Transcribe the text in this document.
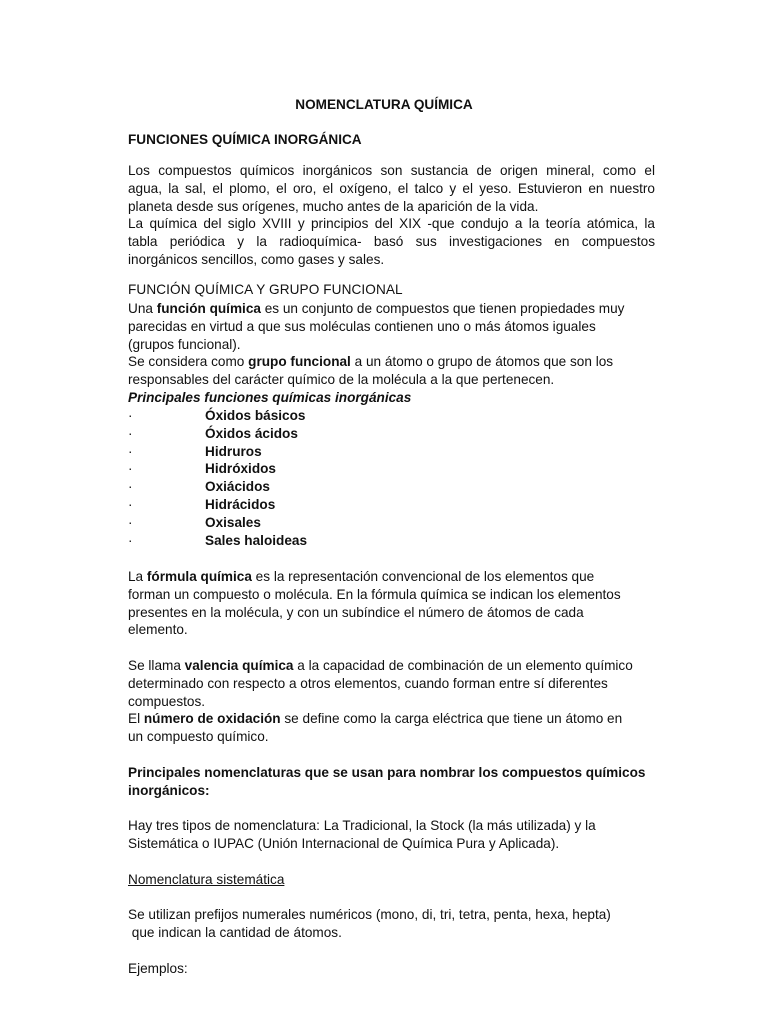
NOMENCLATURA QUÍMICA

FUNCIONES QUÍMICA INORGÁNICA

Los compuestos químicos inorgánicos son sustancia de origen mineral, como el

agua, la sal, el plomo, el oro, el oxígeno, el talco y el yeso. Estuvieron en nuestro

planeta desde sus orígenes, mucho antes de la aparición de la vida.

La química del siglo XVIII y principios del XIX -que condujo a la teoría atómica, la

tabla periódica y la radioquímica- basó sus investigaciones en compuestos

inorgánicos sencillos, como gases y sales.

FUNCIÓN QUÍMICA Y GRUPO FUNCIONAL

Una función química es un conjunto de compuestos que tienen propiedades muy

parecidas en virtud a que sus moléculas contienen uno o más átomos iguales

(grupos funcional).

Se considera como grupo funcional a un átomo o grupo de átomos que son los

responsables del carácter químico de la molécula a la que pertenecen.

Principales funciones químicas inorgánicas

·	Óxidos básicos
·	Óxidos ácidos
·	Hidruros
·	Hidróxidos
·	Oxiácidos
·	Hidrácidos
·	Oxisales
·	Sales haloideas

La fórmula química es la representación convencional de los elementos que

forman un compuesto o molécula. En la fórmula química se indican los elementos

presentes en la molécula, y con un subíndice el número de átomos de cada

elemento.

Se llama valencia química a la capacidad de combinación de un elemento químico

determinado con respecto a otros elementos, cuando forman entre sí diferentes

compuestos.

El número de oxidación se define como la carga eléctrica que tiene un átomo en

un compuesto químico.

Principales nomenclaturas que se usan para nombrar los compuestos químicos

inorgánicos:

Hay tres tipos de nomenclatura: La Tradicional, la Stock (la más utilizada) y la

Sistemática o IUPAC (Unión Internacional de Química Pura y Aplicada).

Nomenclatura sistemática

Se utilizan prefijos numerales numéricos (mono, di, tri, tetra, penta, hexa, hepta)

que indican la cantidad de átomos.

Ejemplos:
